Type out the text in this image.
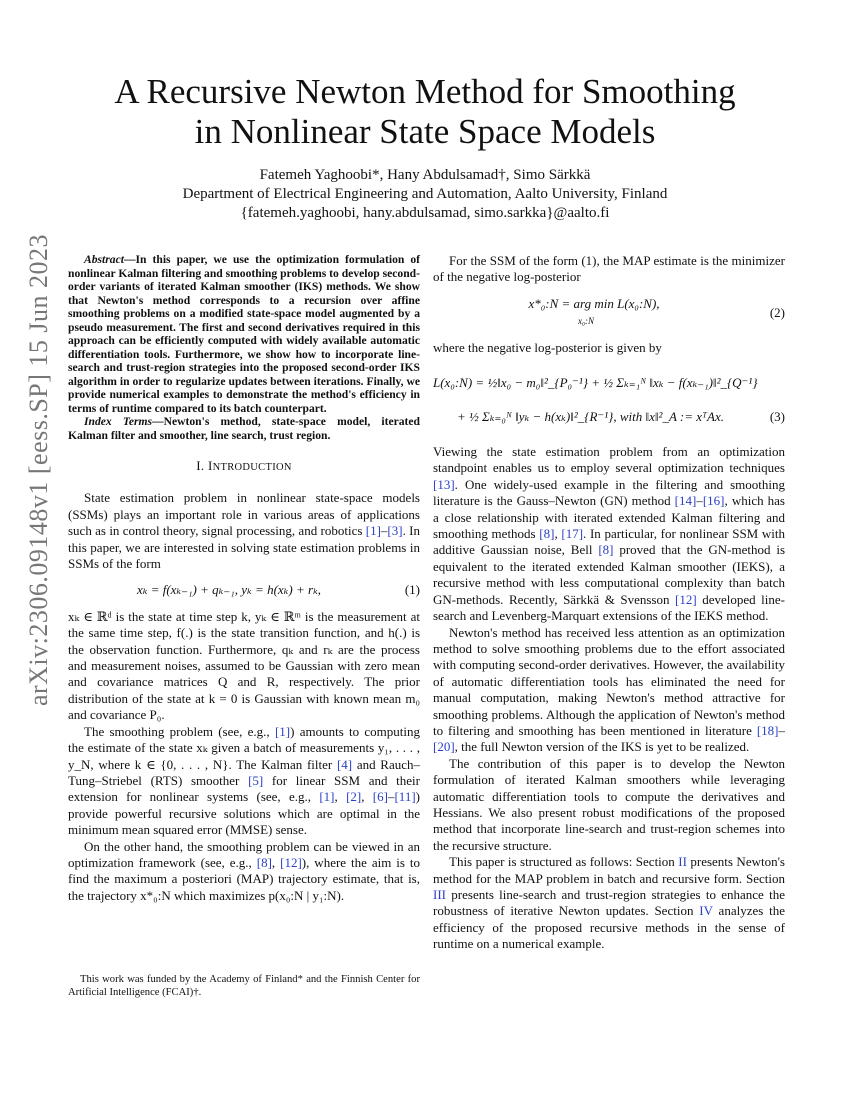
A Recursive Newton Method for Smoothing
in Nonlinear State Space Models
Fatemeh Yaghoobi*, Hany Abdulsamad†, Simo Särkkä
Department of Electrical Engineering and Automation, Aalto University, Finland
{fatemeh.yaghoobi, hany.abdulsamad, simo.sarkka}@aalto.fi
arXiv:2306.09148v1 [eess.SP] 15 Jun 2023	Abstract—In this paper, we use the optimization formulation of nonlinear Kalman filtering and smoothing problems to develop second-order variants of iterated Kalman smoother (IKS) methods. We show that Newton's method corresponds to a recursion over affine smoothing problems on a modified state-space model augmented by a pseudo measurement. The first and second derivatives required in this approach can be efficiently computed with widely available automatic differentiation tools. Furthermore, we show how to incorporate line-search and trust-region strategies into the proposed second-order IKS algorithm in order to regularize updates between iterations. Finally, we provide numerical examples to demonstrate the method's efficiency in terms of runtime compared to its batch counterpart.

Index Terms—Newton's method, state-space model, iterated Kalman filter and smoother, line search, trust region.

I. INTRODUCTION

State estimation problem in nonlinear state-space models (SSMs) plays an important role in various areas of applications such as in control theory, signal processing, and robotics [1]–[3]. In this paper, we are interested in solving state estimation problems in SSMs of the form

xₖ = f(xₖ₋₁) + qₖ₋₁, yₖ = h(xₖ) + rₖ,	(1)

xₖ ∈ ℝᵈ is the state at time step k, yₖ ∈ ℝᵐ is the measurement at the same time step, f(.) is the state transition function, and h(.) is the observation function. Furthermore, qₖ and rₖ are the process and measurement noises, assumed to be Gaussian with zero mean and covariance matrices Q and R, respectively. The prior distribution of the state at k = 0 is Gaussian with known mean m₀ and covariance P₀.

The smoothing problem (see, e.g., [1]) amounts to computing the estimate of the state xₖ given a batch of measurements y₁, . . . , y_N, where k ∈ {0, . . . , N}. The Kalman filter [4] and Rauch–Tung–Striebel (RTS) smoother [5] for linear SSM and their extension for nonlinear systems (see, e.g., [1], [2], [6]–[11]) provide powerful recursive solutions which are optimal in the minimum mean squared error (MMSE) sense.

On the other hand, the smoothing problem can be viewed in an optimization framework (see, e.g., [8], [12]), where the aim is to find the maximum a posteriori (MAP) trajectory estimate, that is, the trajectory x*₀:N which maximizes p(x₀:N | y₁:N).

This work was funded by the Academy of Finland* and the Finnish Center for Artificial Intelligence (FCAI)†.

For the SSM of the form (1), the MAP estimate is the minimizer of the negative log-posterior

x*₀:N = arg min L(x₀:N),
x₀:N
(2)

where the negative log-posterior is given by

L(x₀:N) = ½‖x₀ − m₀‖²_{P₀⁻¹} + ½ Σₖ₌₁ᴺ ‖xₖ − f(xₖ₋₁)‖²_{Q⁻¹}
+ ½ Σₖ₌₀ᴺ ‖yₖ − h(xₖ)‖²_{R⁻¹}, with ‖x‖²_A := xᵀAx.	(3)

Viewing the state estimation problem from an optimization standpoint enables us to employ several optimization techniques [13]. One widely-used example in the filtering and smoothing literature is the Gauss–Newton (GN) method [14]–[16], which has a close relationship with iterated extended Kalman filtering and smoothing methods [8], [17]. In particular, for nonlinear SSM with additive Gaussian noise, Bell [8] proved that the GN-method is equivalent to the iterated extended Kalman smoother (IEKS), a recursive method with less computational complexity than batch GN-methods. Recently, Särkkä & Svensson [12] developed line-search and Levenberg-Marquart extensions of the IEKS method.

Newton's method has received less attention as an optimization method to solve smoothing problems due to the effort associated with computing second-order derivatives. However, the availability of automatic differentiation tools has eliminated the need for manual computation, making Newton's method attractive for smoothing problems. Although the application of Newton's method to filtering and smoothing has been mentioned in literature [18]–[20], the full Newton version of the IKS is yet to be realized.

The contribution of this paper is to develop the Newton formulation of iterated Kalman smoothers while leveraging automatic differentiation tools to compute the derivatives and Hessians. We also present robust modifications of the proposed method that incorporate line-search and trust-region schemes into the recursive structure.

This paper is structured as follows: Section II presents Newton's method for the MAP problem in batch and recursive form. Section III presents line-search and trust-region strategies to enhance the robustness of iterative Newton updates. Section IV analyzes the efficiency of the proposed recursive methods in the sense of runtime on a numerical example.
